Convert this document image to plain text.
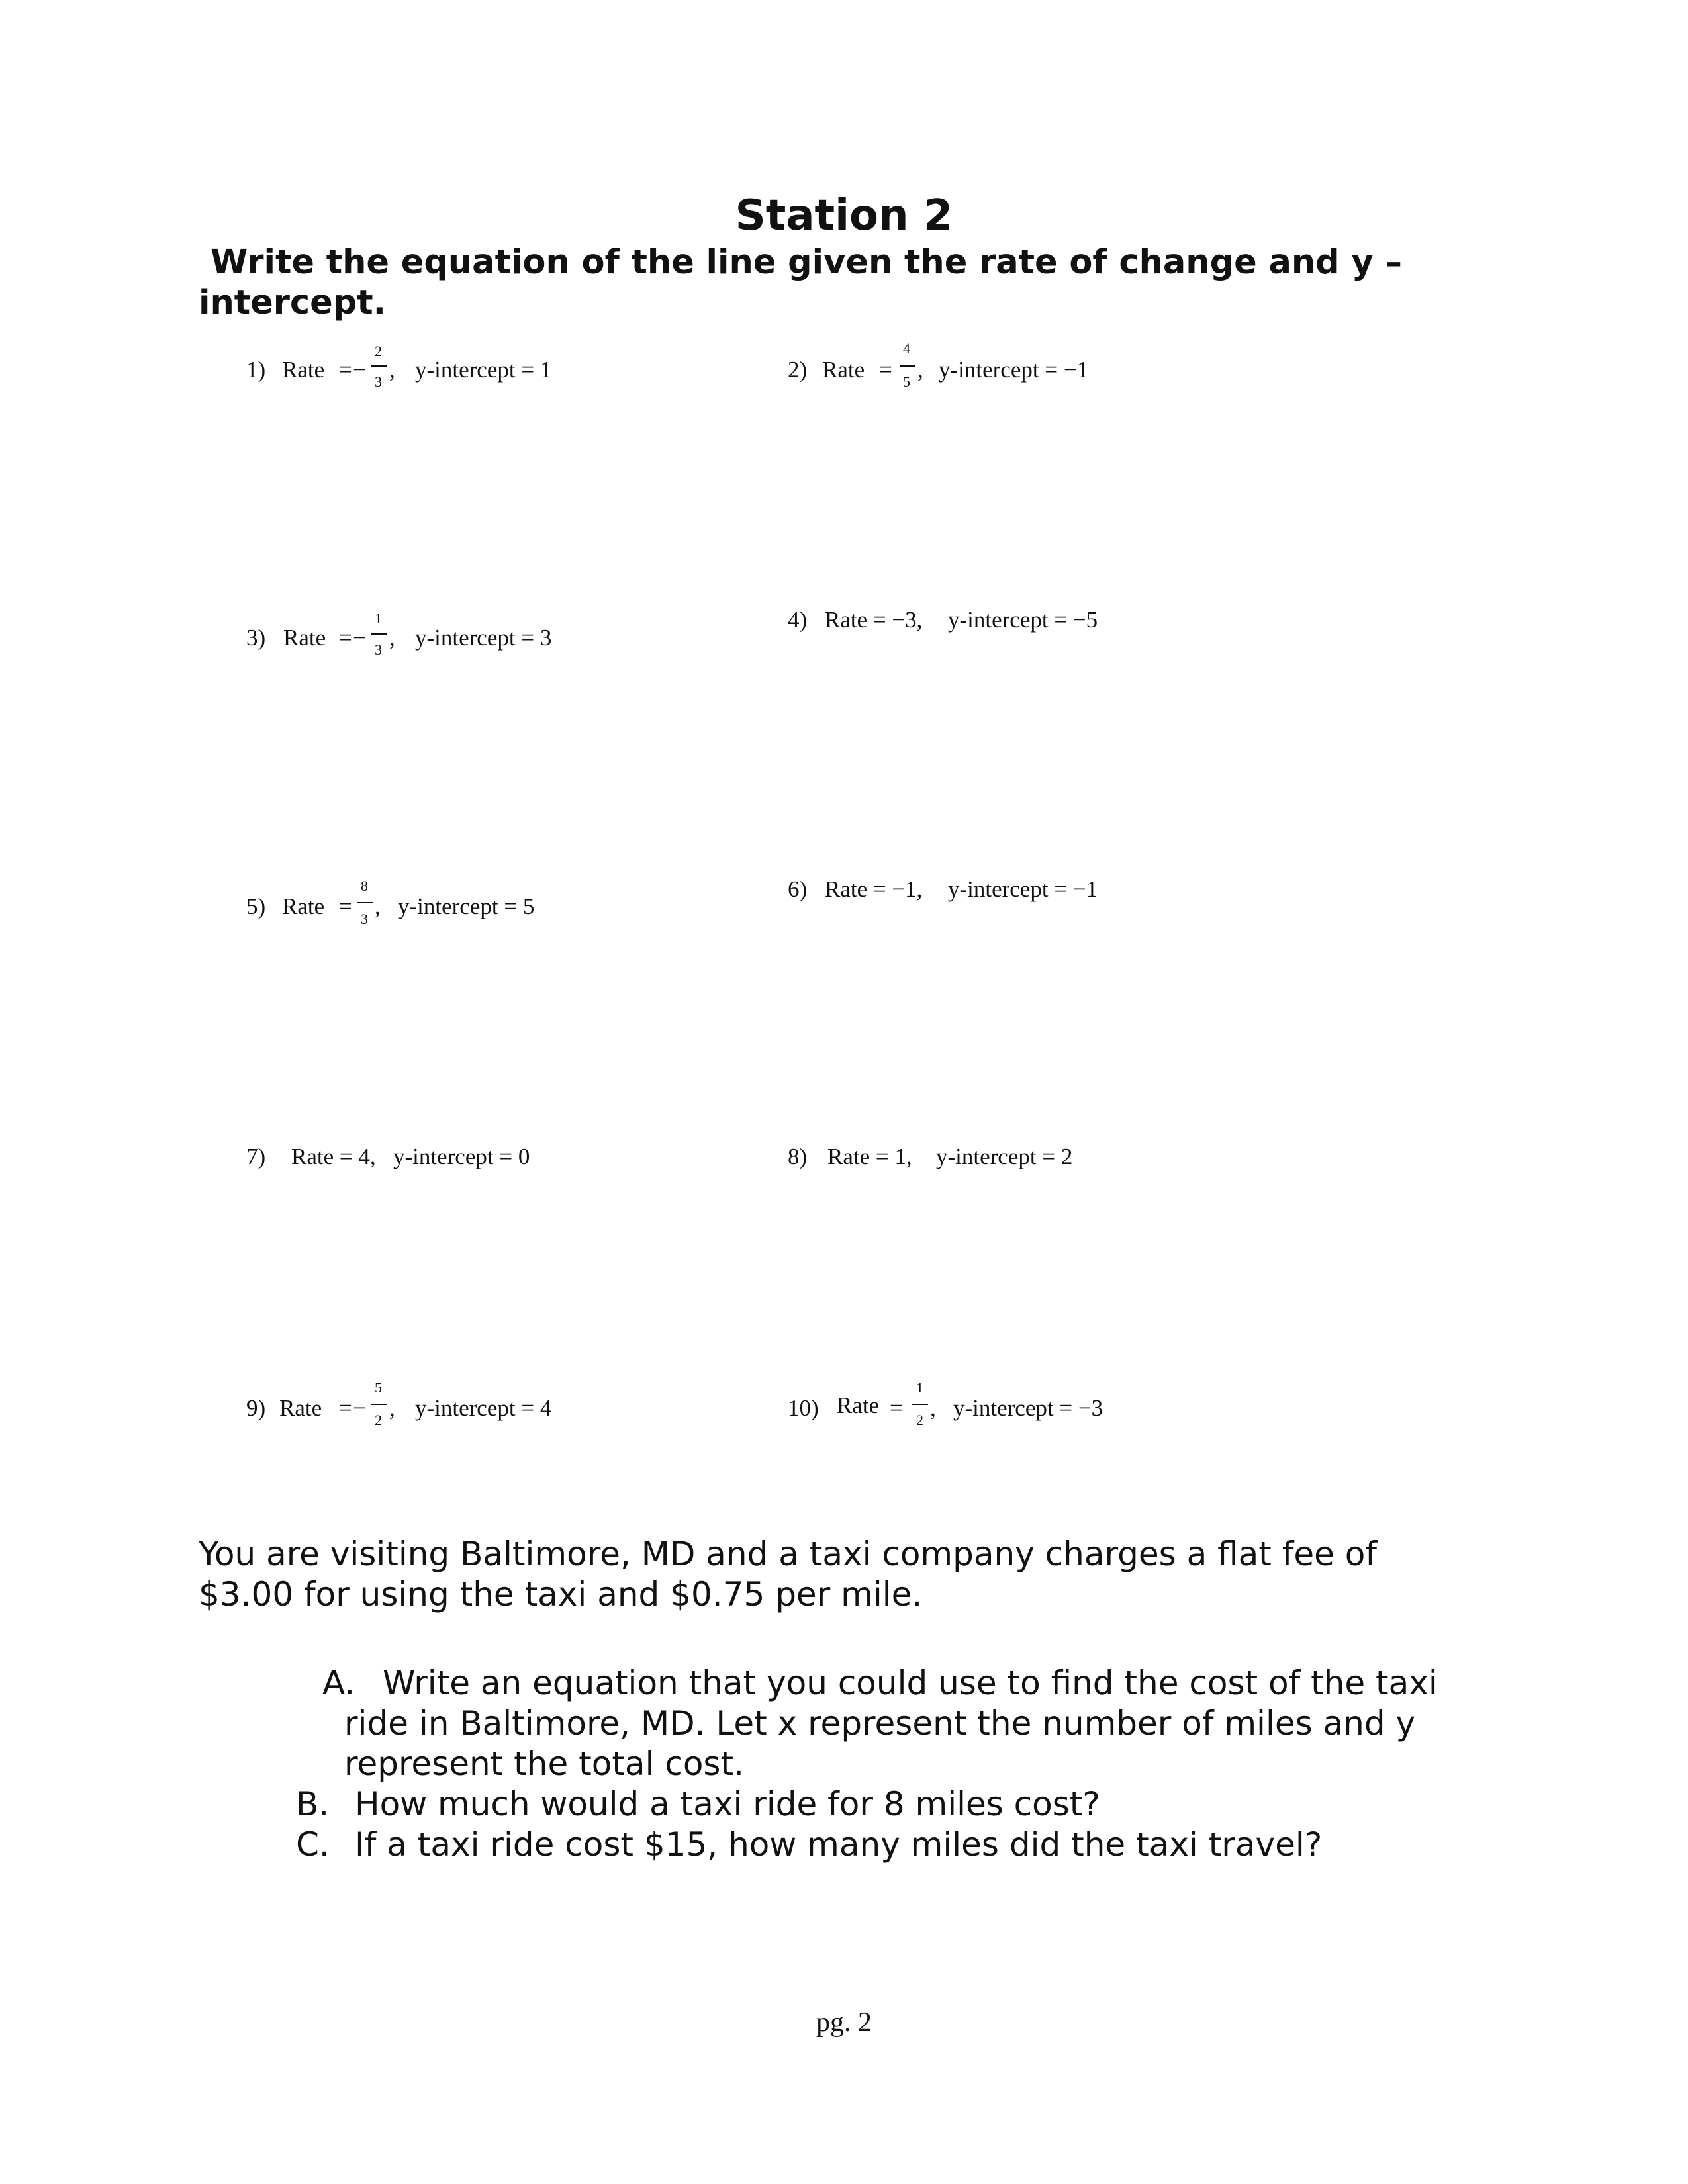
Station 2
Write the equation of the line given the rate of change and y – intercept.
1) Rate = −
2
3 , y-intercept = 1	2) Rate =
4
5 , y-intercept = −1
3) Rate = −
1
3 , y-intercept = 3
4) Rate = −3, y-intercept = −5
5) Rate =
8
3 , y-intercept = 5
6) Rate = −1, y-intercept = −1
7) Rate = 4, y-intercept = 0	8) Rate = 1, y-intercept = 2
9) Rate = −
5
2 , y-intercept = 4	10) Rate =
1
2 , y-intercept = −3
You are visiting Baltimore, MD and a taxi company charges a flat fee of $3.00 for using the taxi and $0.75 per mile.
A. Write an equation that you could use to find the cost of the taxi
ride in Baltimore, MD. Let x represent the number of miles and y
represent the total cost.
B. How much would a taxi ride for 8 miles cost?
C. If a taxi ride cost $15, how many miles did the taxi travel?
pg. 2
